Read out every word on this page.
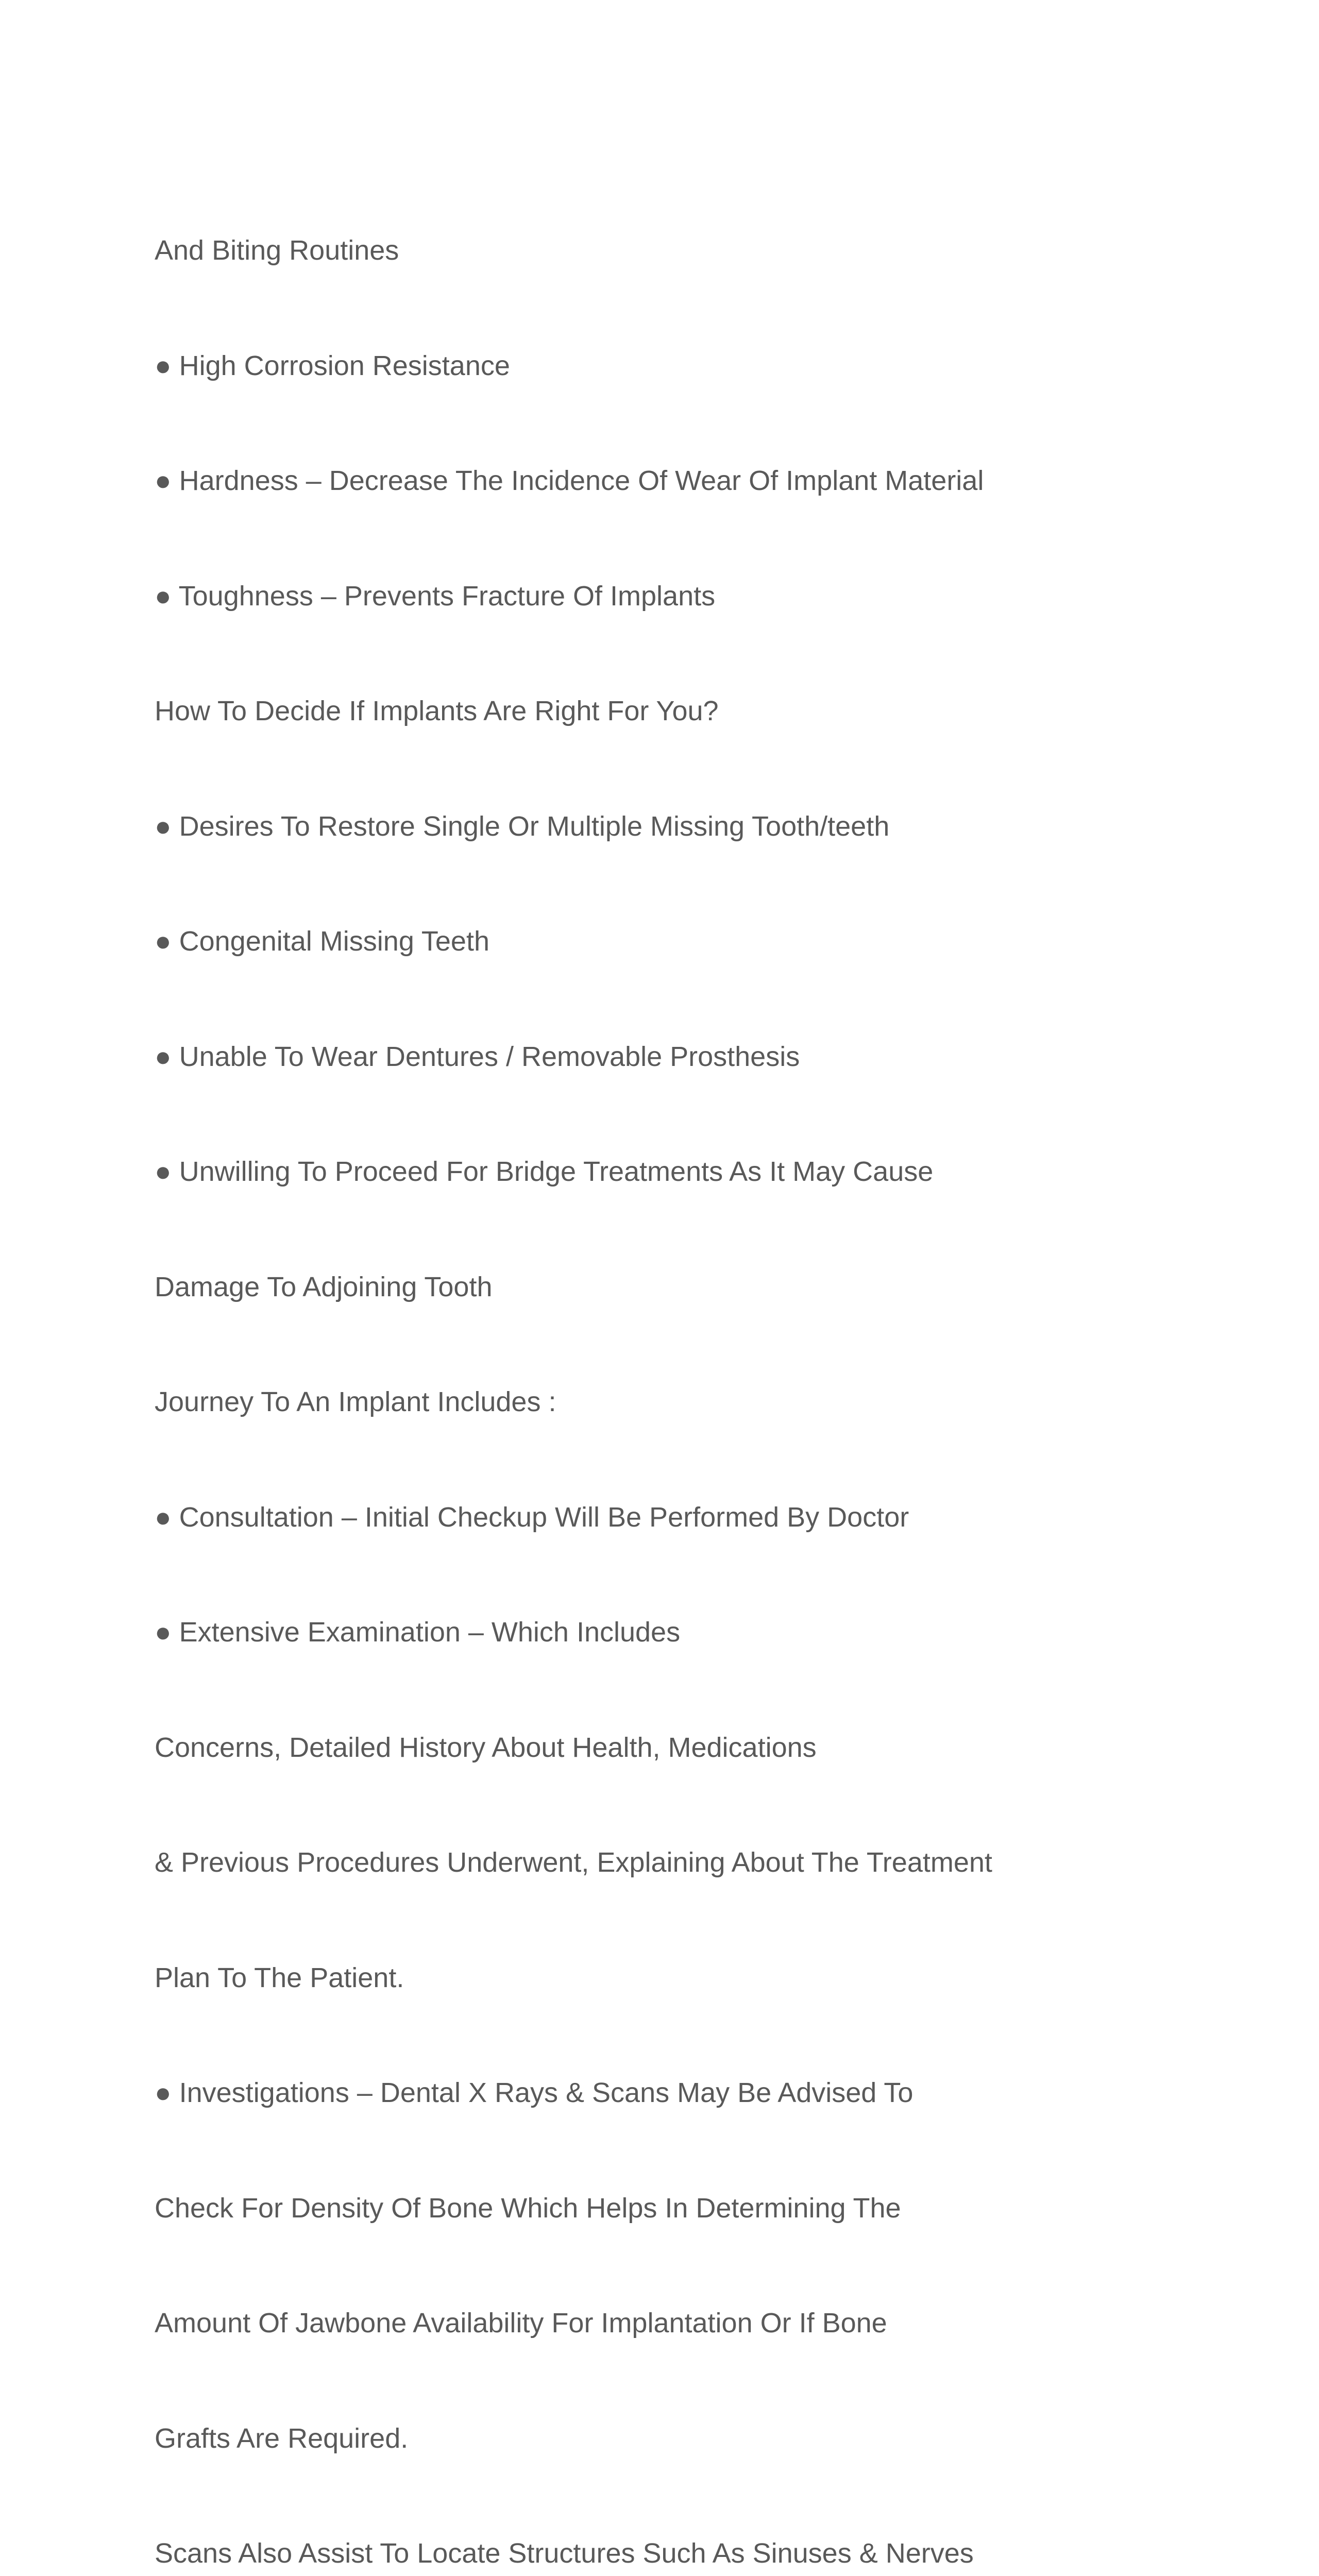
And Biting Routines

● High Corrosion Resistance

● Hardness – Decrease The Incidence Of Wear Of Implant Material

● Toughness – Prevents Fracture Of Implants

How To Decide If Implants Are Right For You?

● Desires To Restore Single Or Multiple Missing Tooth/teeth

● Congenital Missing Teeth

● Unable To Wear Dentures / Removable Prosthesis

● Unwilling To Proceed For Bridge Treatments As It May Cause

Damage To Adjoining Tooth

Journey To An Implant Includes :

● Consultation – Initial Checkup Will Be Performed By Doctor

● Extensive Examination – Which Includes

Concerns, Detailed History About Health, Medications

& Previous Procedures Underwent, Explaining About The Treatment

Plan To The Patient.

● Investigations – Dental X Rays & Scans May Be Advised To

Check For Density Of Bone Which Helps In Determining The

Amount Of Jawbone Availability For Implantation Or If Bone

Grafts Are Required.

Scans Also Assist To Locate Structures Such As Sinuses & Nerves
